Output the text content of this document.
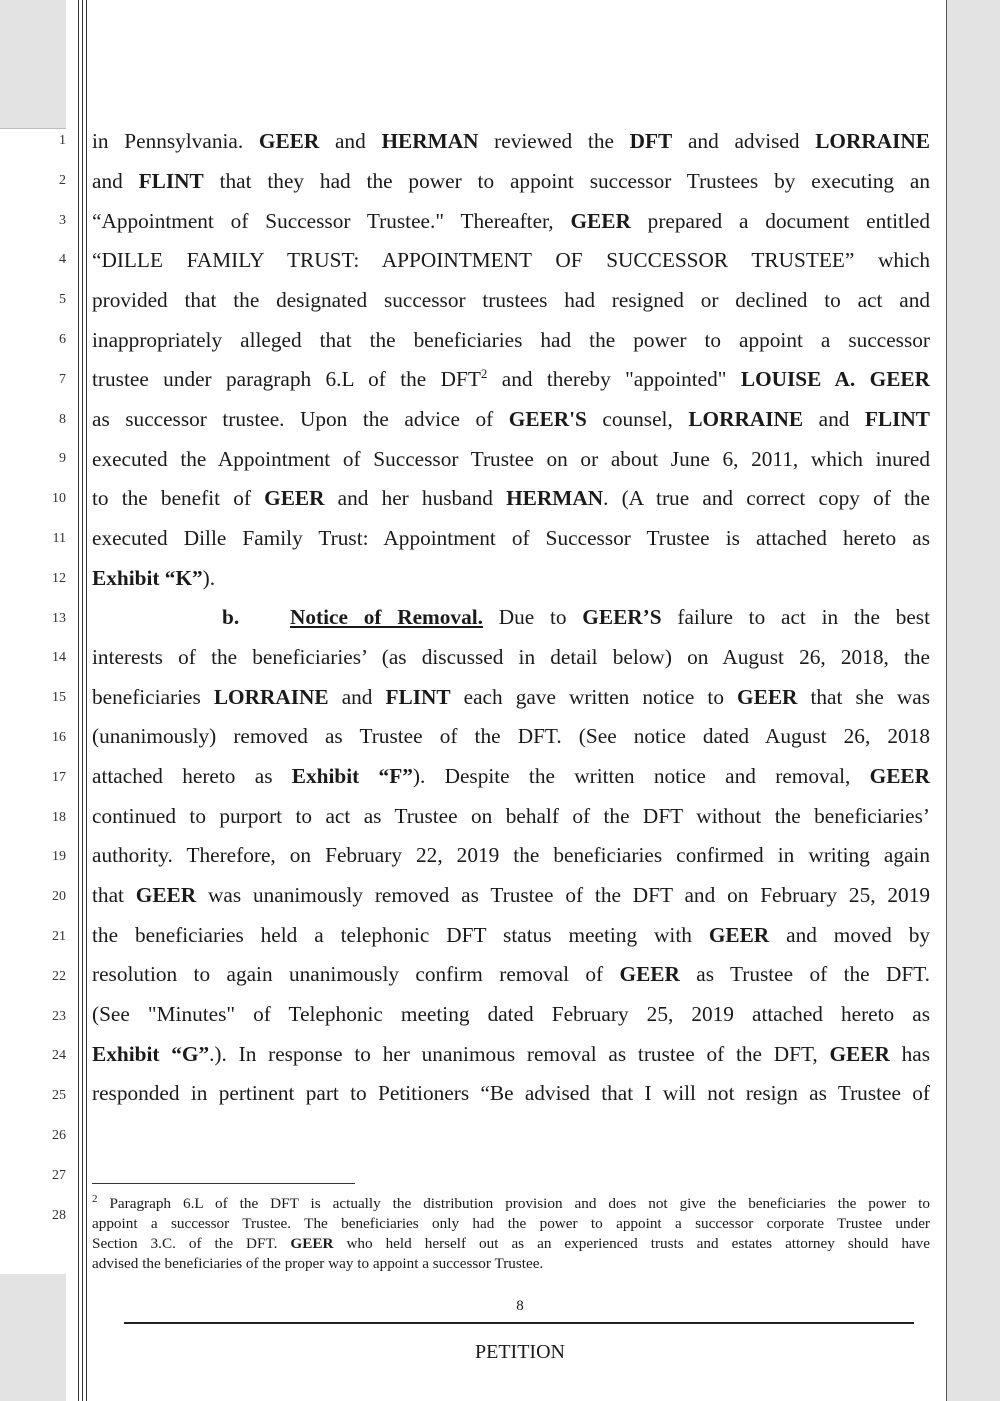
1
2
3
4
5
6
7
8
9
10
11
12
13
14
15
16
17
18
19
20
21
22
23
24
25
26
27
28
in Pennsylvania. GEER and HERMAN reviewed the DFT and advised LORRAINE
and FLINT that they had the power to appoint successor Trustees by executing an
“Appointment of Successor Trustee." Thereafter, GEER prepared a document entitled
“DILLE FAMILY TRUST: APPOINTMENT OF SUCCESSOR TRUSTEE” which
provided that the designated successor trustees had resigned or declined to act and
inappropriately alleged that the beneficiaries had the power to appoint a successor
trustee under paragraph 6.L of the DFT$^2$ and thereby "appointed" LOUISE A. GEER
as successor trustee. Upon the advice of GEER'S counsel, LORRAINE and FLINT
executed the Appointment of Successor Trustee on or about June 6, 2011, which inured
to the benefit of GEER and her husband HERMAN. (A true and correct copy of the
executed Dille Family Trust: Appointment of Successor Trustee is attached hereto as
Exhibit “K”).
b. Notice of Removal. Due to GEER’S failure to act in the best
interests of the beneficiaries’ (as discussed in detail below) on August 26, 2018, the
beneficiaries LORRAINE and FLINT each gave written notice to GEER that she was
(unanimously) removed as Trustee of the DFT. (See notice dated August 26, 2018
attached hereto as Exhibit “F”). Despite the written notice and removal, GEER
continued to purport to act as Trustee on behalf of the DFT without the beneficiaries’
authority. Therefore, on February 22, 2019 the beneficiaries confirmed in writing again
that GEER was unanimously removed as Trustee of the DFT and on February 25, 2019
the beneficiaries held a telephonic DFT status meeting with GEER and moved by
resolution to again unanimously confirm removal of GEER as Trustee of the DFT.
(See "Minutes" of Telephonic meeting dated February 25, 2019 attached hereto as
Exhibit “G”.). In response to her unanimous removal as trustee of the DFT, GEER has
responded in pertinent part to Petitioners “Be advised that I will not resign as Trustee of
$^2$ Paragraph 6.L of the DFT is actually the distribution provision and does not give the beneficiaries the power to
appoint a successor Trustee. The beneficiaries only had the power to appoint a successor corporate Trustee under
Section 3.C. of the DFT. GEER who held herself out as an experienced trusts and estates attorney should have
advised the beneficiaries of the proper way to appoint a successor Trustee.
8
PETITION
